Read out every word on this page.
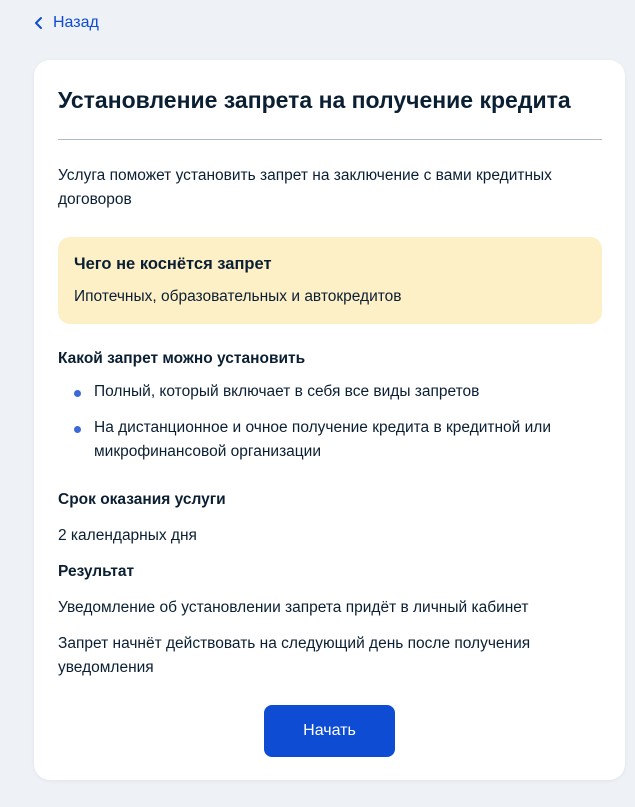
Назад
Установление запрета на получение кредита

Услуга поможет установить запрет на заключение с вами кредитных договоров

Чего не коснётся запрет

Ипотечных, образовательных и автокредитов

Какой запрет можно установить
Полный, который включает в себя все виды запретов
На дистанционное и очное получение кредита в кредитной или микрофинансовой организации
Срок оказания услуги

2 календарных дня

Результат

Уведомление об установлении запрета придёт в личный кабинет

Запрет начнёт действовать на следующий день после получения уведомления

Начать
